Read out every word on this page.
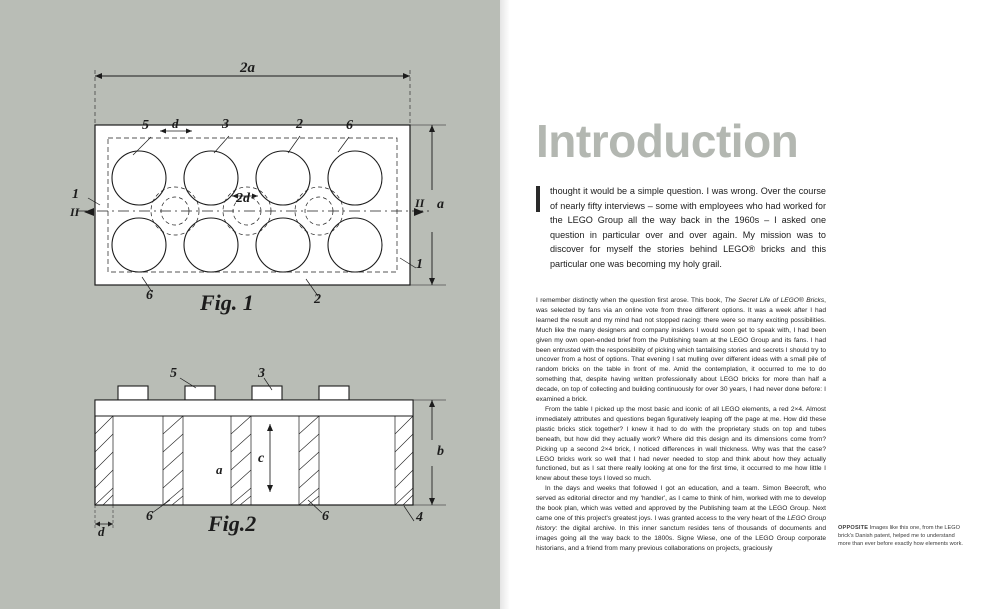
2a
5 d	3	2	6
1
II
2d	II a
1
6	2
Fig. 1
5	3
a
c	b
6	6	4
d	Fig.2
Introduction
thought it would be a simple question. I was wrong. Over the course of nearly fifty interviews – some with employees who had worked for the LEGO Group all the way back in the 1960s – I asked one question in particular over and over again. My mission was to discover for myself the stories behind LEGO® bricks and this particular one was becoming my holy grail.

I remember distinctly when the question first arose. This book, The Secret Life of LEGO® Bricks, was selected by fans via an online vote from three different options. It was a week after I had learned the result and my mind had not stopped racing: there were so many exciting possibilities. Much like the many designers and company insiders I would soon get to speak with, I had been given my own open-ended brief from the Publishing team at the LEGO Group and its fans. I had been entrusted with the responsibility of picking which tantalising stories and secrets I should try to uncover from a host of options. That evening I sat mulling over different ideas with a small pile of random bricks on the table in front of me. Amid the contemplation, it occurred to me to do something that, despite having written professionally about LEGO bricks for more than half a decade, on top of collecting and building continuously for over 30 years, I had never done before: I examined a brick.

From the table I picked up the most basic and iconic of all LEGO elements, a red 2×4. Almost immediately attributes and questions began figuratively leaping off the page at me. How did these plastic bricks stick together? I knew it had to do with the proprietary studs on top and tubes beneath, but how did they actually work? Where did this design and its dimensions come from? Picking up a second 2×4 brick, I noticed differences in wall thickness. Why was that the case? LEGO bricks work so well that I had never needed to stop and think about how they actually functioned, but as I sat there really looking at one for the first time, it occurred to me how little I knew about these toys I loved so much.

In the days and weeks that followed I got an education, and a team. Simon Beecroft, who served as editorial director and my 'handler', as I came to think of him, worked with me to develop the book plan, which was vetted and approved by the Publishing team at the LEGO Group. Next came one of this project's greatest joys. I was granted access to the very heart of the LEGO Group history: the digital archive. In this inner sanctum resides tens of thousands of documents and images going all the way back to the 1800s. Signe Wiese, one of the LEGO Group corporate historians, and a friend from many previous collaborations on projects, graciously

OPPOSITE Images like this one, from the LEGO brick's Danish patent, helped me to understand more than ever before exactly how elements work.
